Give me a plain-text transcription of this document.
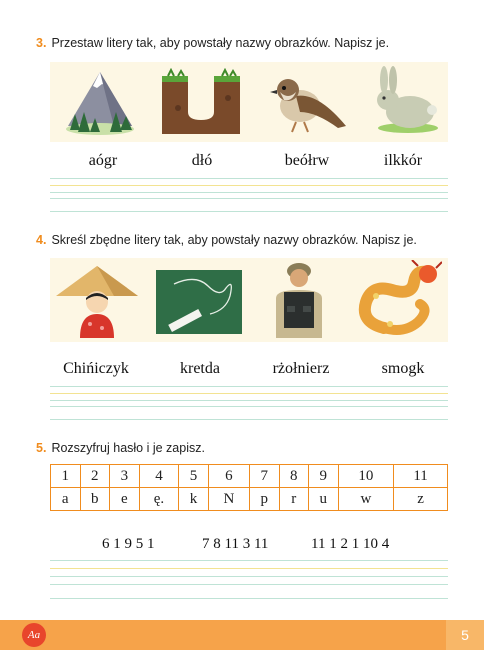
3. Przestaw litery tak, aby powstały nazwy obrazków. Napisz je.
aógr	dłó	beółrw	ilkkór
4. Skreśl zbędne litery tak, aby powstały nazwy obrazków. Napisz je.
Chińiczyk	kretda	rżołnierz	smogk
5. Rozszyfruj hasło i je zapisz.
1	2	3	4	5	6	7	8	9	10	11
a	b	e	ę.	k	N	p	r	u	w	z
6 1 9 5 1	7 8 11 3 11	11 1 2 1 10 4
Aa	5
